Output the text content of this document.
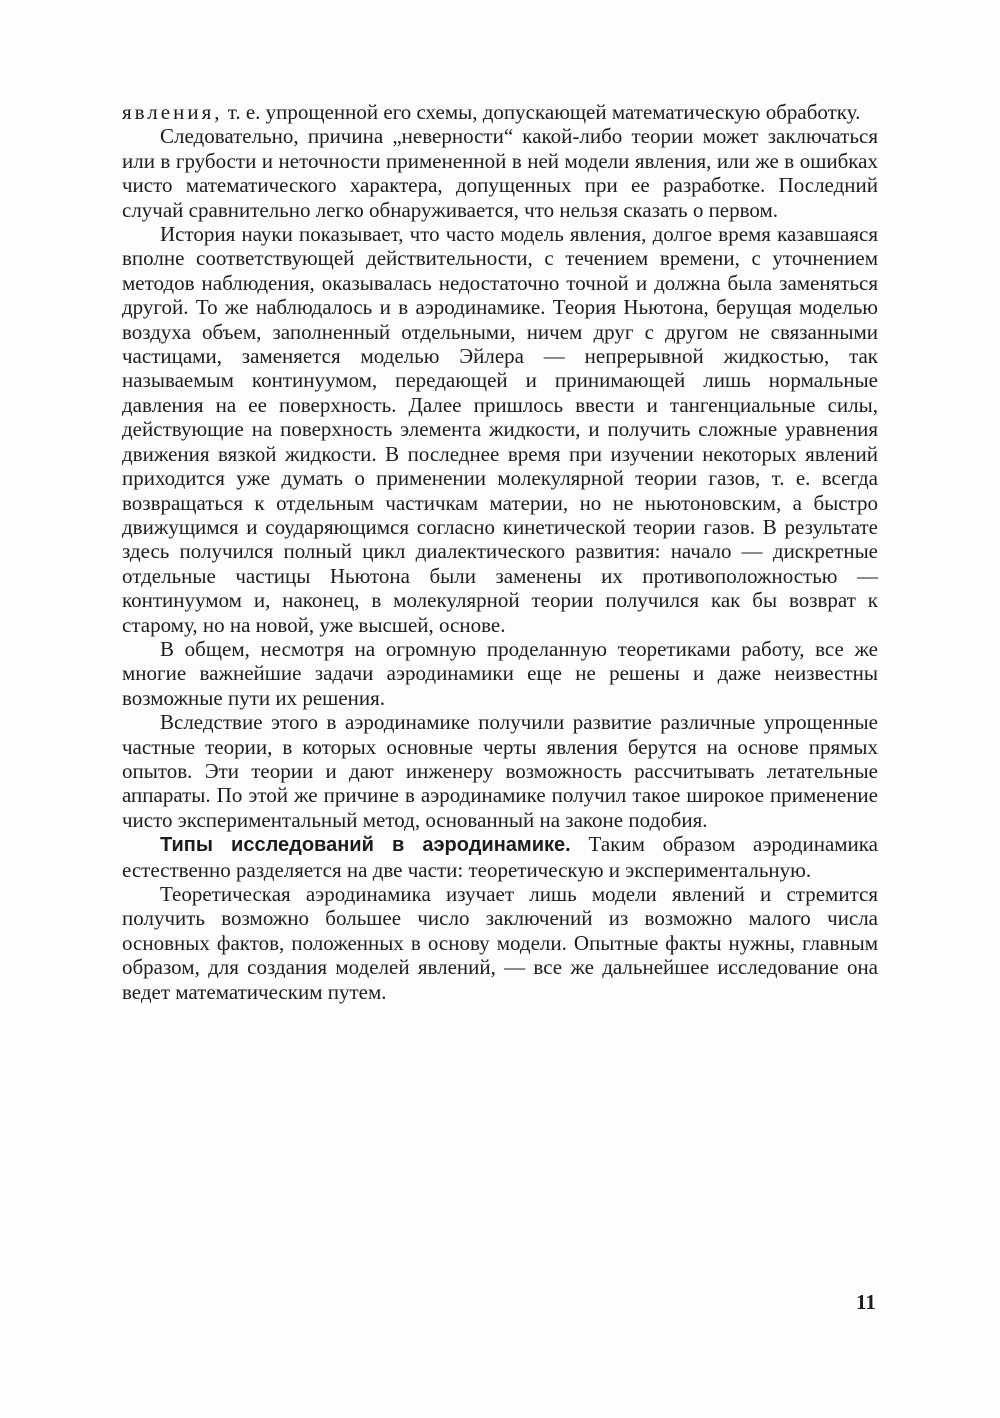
явления, т. е. упрощенной его схемы, допускающей математическую обработку.

Следовательно, причина „неверности“ какой-либо теории может заключаться или в грубости и неточности примененной в ней модели явления, или же в ошибках чисто математического характера, допущенных при ее разработке. Последний случай сравнительно легко обнаруживается, что нельзя сказать о первом.

История науки показывает, что часто модель явления, долгое время казавшаяся вполне соответствующей действительности, с течением времени, с уточнением методов наблюдения, оказывалась недостаточно точной и должна была заменяться другой. То же наблюдалось и в аэродинамике. Теория Ньютона, берущая моделью воздуха объем, заполненный отдельными, ничем друг с другом не связанными частицами, заменяется моделью Эйлера — непрерывной жидкостью, так называемым континуумом, передающей и принимающей лишь нормальные давления на ее поверхность. Далее пришлось ввести и тангенциальные силы, действующие на поверхность элемента жидкости, и получить сложные уравнения движения вязкой жидкости. В последнее время при изучении некоторых явлений приходится уже думать о применении молекулярной теории газов, т. е. всегда возвращаться к отдельным частичкам материи, но не ньютоновским, а быстро движущимся и соударяющимся согласно кинетической теории газов. В результате здесь получился полный цикл диалектического развития: начало — дискретные отдельные частицы Ньютона были заменены их противоположностью — континуумом и, наконец, в молекулярной теории получился как бы возврат к старому, но на новой, уже высшей, основе.

В общем, несмотря на огромную проделанную теоретиками работу, все же многие важнейшие задачи аэродинамики еще не решены и даже неизвестны возможные пути их решения.

Вследствие этого в аэродинамике получили развитие различные упрощенные частные теории, в которых основные черты явления берутся на основе прямых опытов. Эти теории и дают инженеру возможность рассчитывать летательные аппараты. По этой же причине в аэродинамике получил такое широкое применение чисто экспериментальный метод, основанный на законе подобия.

Типы исследований в аэродинамике. Таким образом аэродинамика естественно разделяется на две части: теоретическую и экспериментальную.

Теоретическая аэродинамика изучает лишь модели явлений и стремится получить возможно большее число заключений из возможно малого числа основных фактов, положенных в основу модели. Опытные факты нужны, главным образом, для создания моделей явлений, — все же дальнейшее исследование она ведет математическим путем.

11
